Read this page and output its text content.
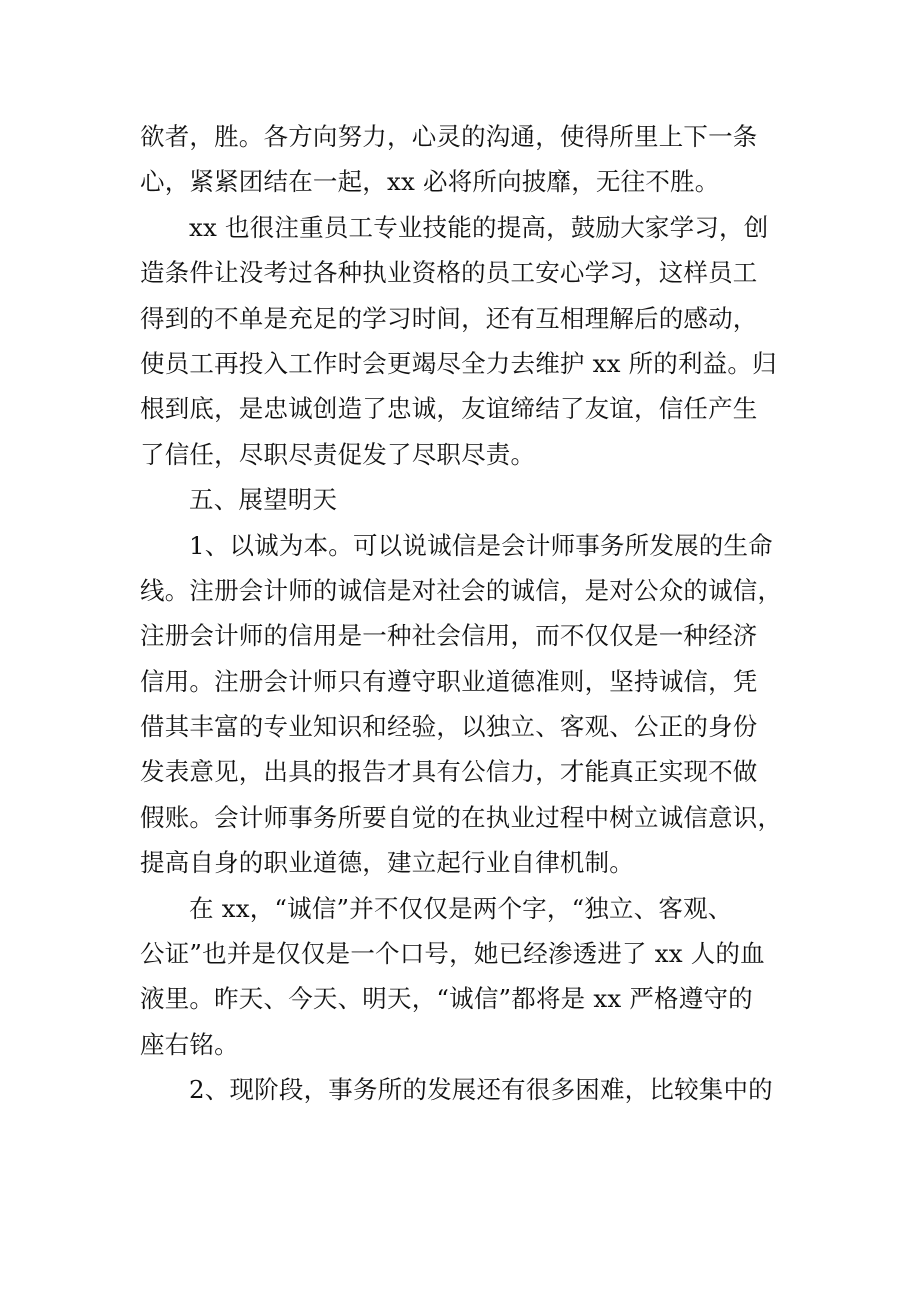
欲者，胜。各方向努力，心灵的沟通，使得所里上下一条
心，紧紧团结在一起，xx 必将所向披靡，无往不胜。
xx 也很注重员工专业技能的提高，鼓励大家学习，创
造条件让没考过各种执业资格的员工安心学习，这样员工
得到的不单是充足的学习时间，还有互相理解后的感动，
使员工再投入工作时会更竭尽全力去维护 xx 所的利益。归
根到底，是忠诚创造了忠诚，友谊缔结了友谊，信任产生
了信任，尽职尽责促发了尽职尽责。
五、展望明天
1、以诚为本。可以说诚信是会计师事务所发展的生命
线。注册会计师的诚信是对社会的诚信，是对公众的诚信，
注册会计师的信用是一种社会信用，而不仅仅是一种经济
信用。注册会计师只有遵守职业道德准则，坚持诚信，凭
借其丰富的专业知识和经验，以独立、客观、公正的身份
发表意见，出具的报告才具有公信力，才能真正实现不做
假账。会计师事务所要自觉的在执业过程中树立诚信意识，
提高自身的职业道德，建立起行业自律机制。
在 xx，“诚信”并不仅仅是两个字，“独立、客观、
公证”也并是仅仅是一个口号，她已经渗透进了 xx 人的血
液里。昨天、今天、明天，“诚信”都将是 xx 严格遵守的
座右铭。
2、现阶段，事务所的发展还有很多困难，比较集中的
